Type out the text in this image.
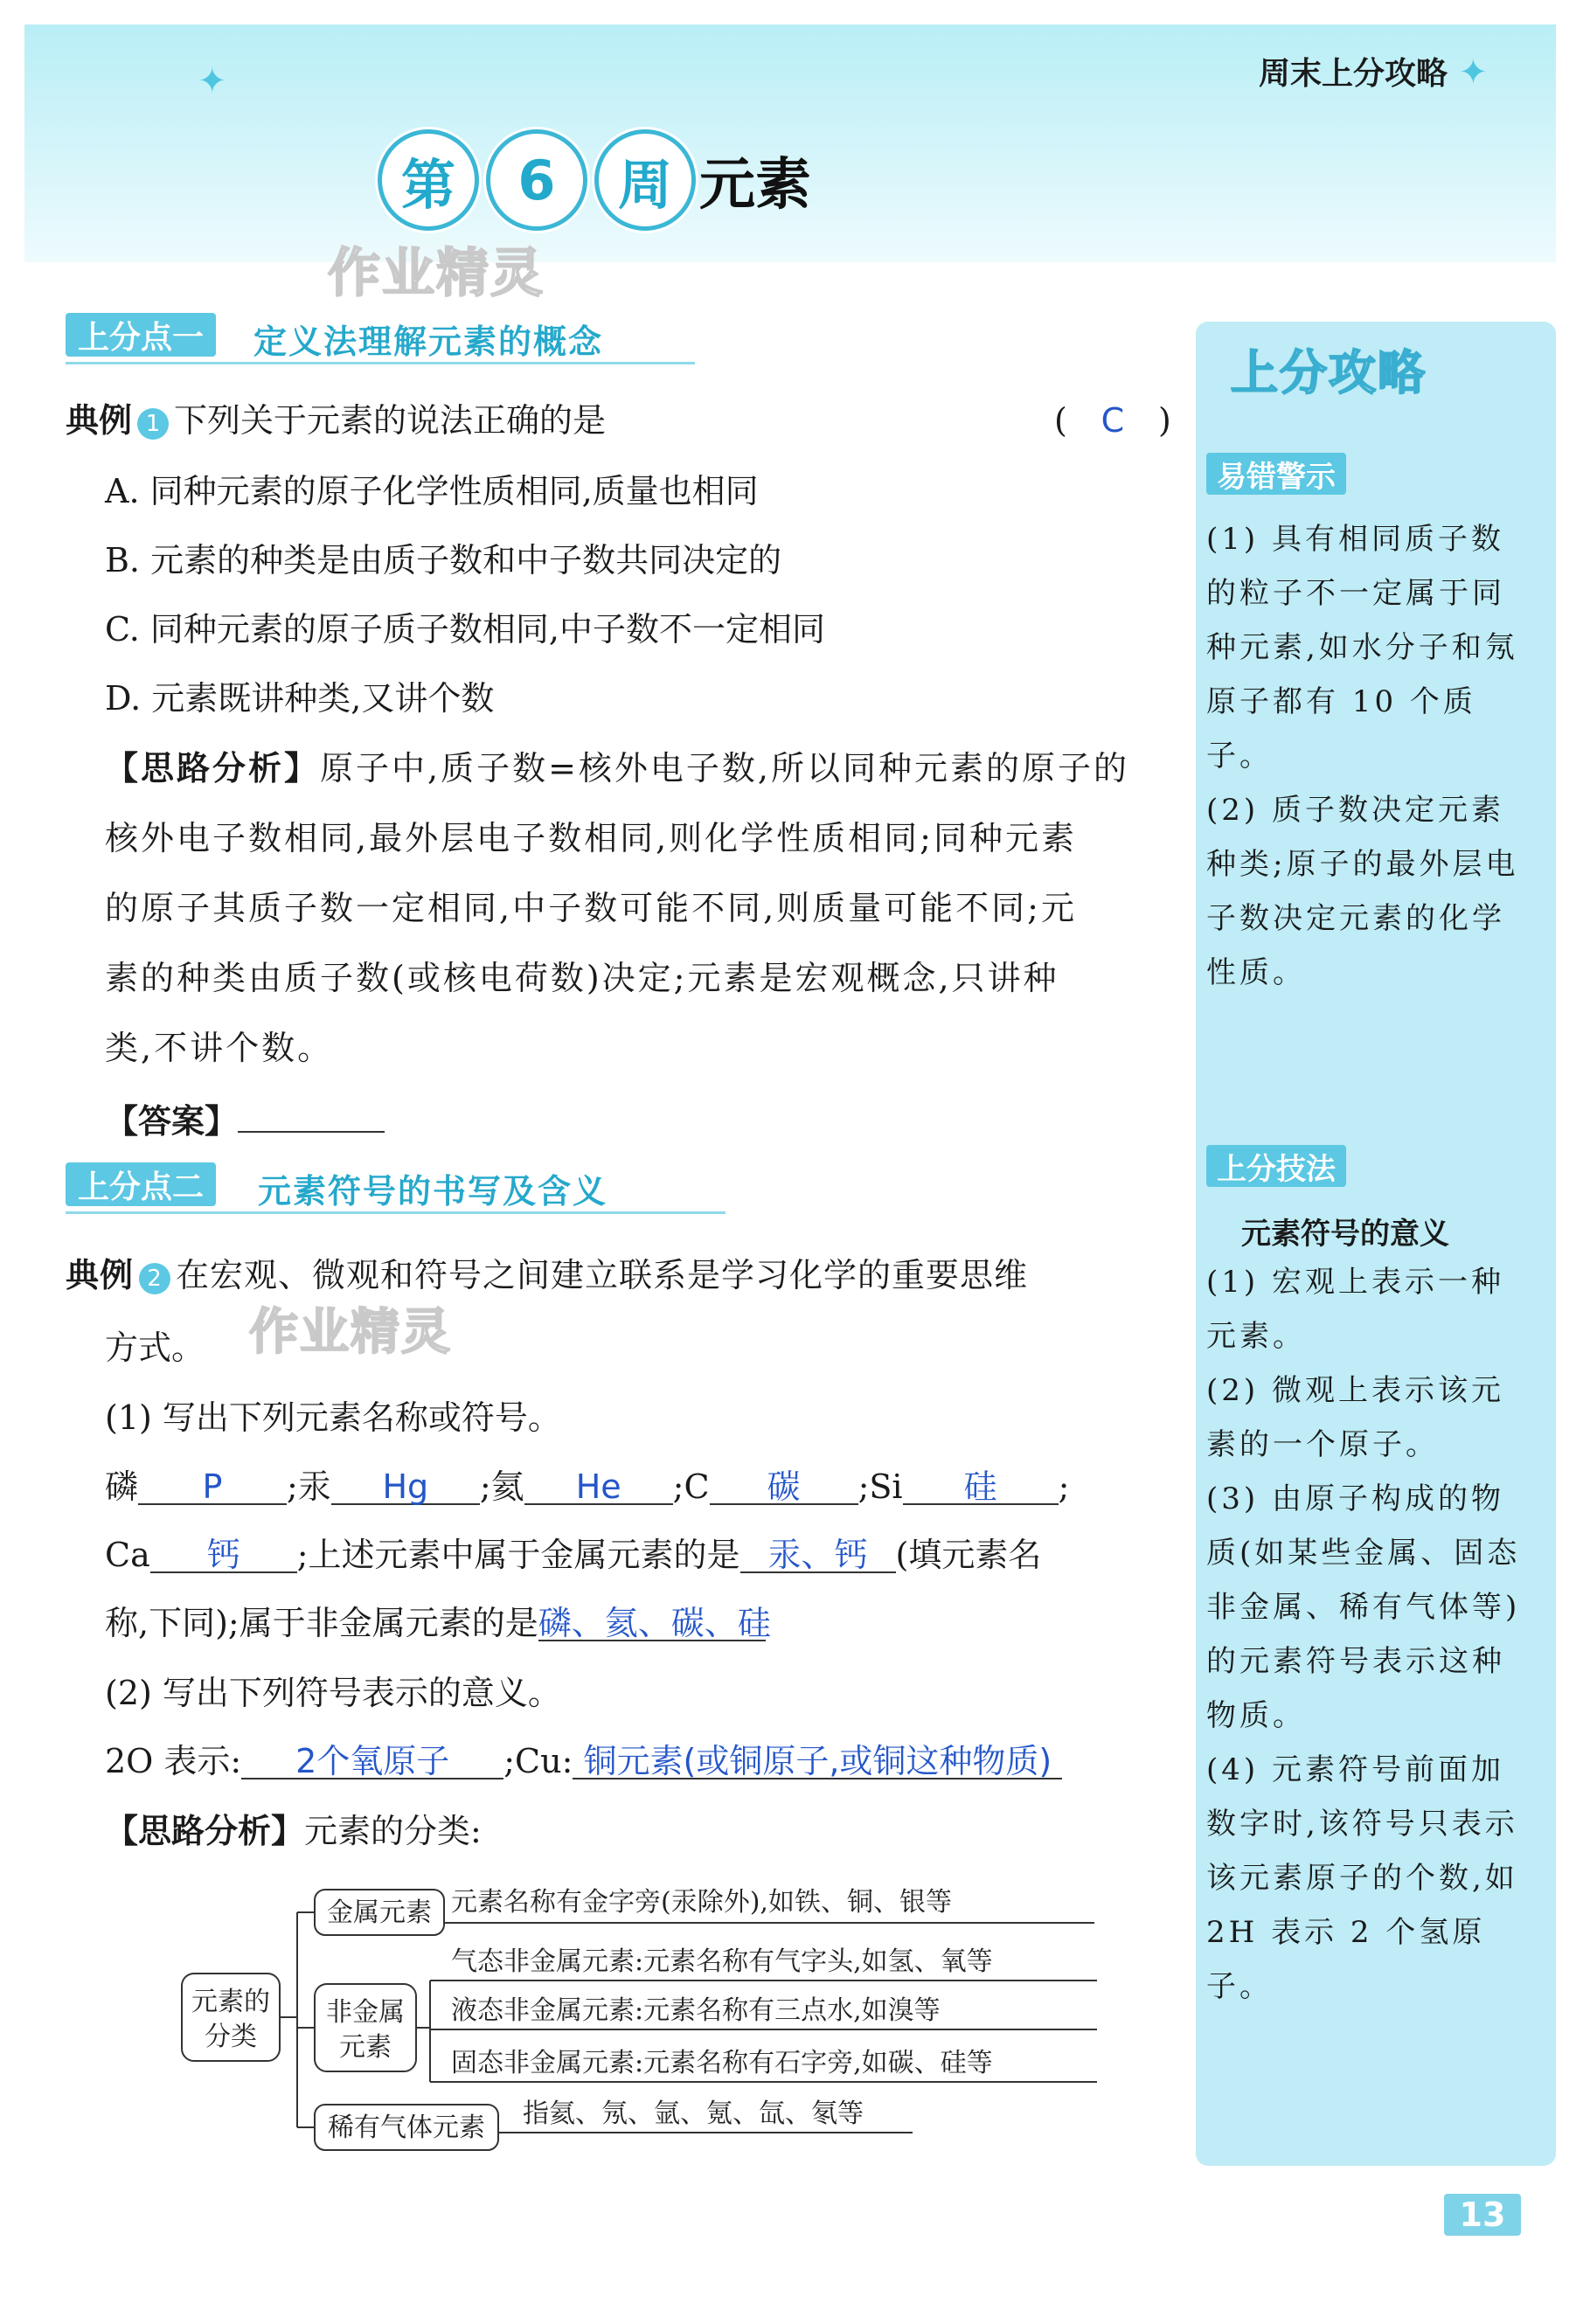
✦	周末上分攻略 ✦
第	6	周 元素
作业精灵
上分点一	定义法理解元素的概念
典例 1 下列关于元素的说法正确的是	( C )
A. 同种元素的原子化学性质相同,质量也相同
B. 元素的种类是由质子数和中子数共同决定的
C. 同种元素的原子质子数相同,中子数不一定相同
D. 元素既讲种类,又讲个数
【思路分析】原子中,质子数=核外电子数,所以同种元素的原子的
核外电子数相同,最外层电子数相同,则化学性质相同;同种元素
的原子其质子数一定相同,中子数可能不同,则质量可能不同;元
素的种类由质子数(或核电荷数)决定;元素是宏观概念,只讲种
类,不讲个数。
【答案】
上分点二	元素符号的书写及含义
典例 2 在宏观、微观和符号之间建立联系是学习化学的重要思维
方式。 作业精灵
(1) 写出下列元素名称或符号。
磷 P ;汞 Hg ;氦 He ;C 碳 ;Si 硅 ;
Ca 钙 ;上述元素中属于金属元素的是 汞、钙 (填元素名
称,下同);属于非金属元素的是磷、氦、碳、硅
(2) 写出下列符号表示的意义。
2O 表示: 2个氧原子 ;Cu: 铜元素(或铜原子,或铜这种物质)
【思路分析】元素的分类:
元素的
分类
金属元素 元素名称有金字旁(汞除外),如铁、铜、银等
非金属
元素
气态非金属元素:元素名称有气字头,如氢、氧等
液态非金属元素:元素名称有三点水,如溴等
固态非金属元素:元素名称有石字旁,如碳、硅等
稀有气体元素 指氦、氖、氩、氪、氙、氡等
上分攻略
易错警示
(1) 具有相同质子数的粒子不一定属于同种元素,如水分子和氖原子都有 10 个质子。
(2) 质子数决定元素种类;原子的最外层电子数决定元素的化学性质。
上分技法
元素符号的意义
(1) 宏观上表示一种元素。
(2) 微观上表示该元素的一个原子。
(3) 由原子构成的物质(如某些金属、固态非金属、稀有气体等)的元素符号表示这种物质。
(4) 元素符号前面加数字时,该符号只表示该元素原子的个数,如 2H 表示 2 个氢原子。
13
